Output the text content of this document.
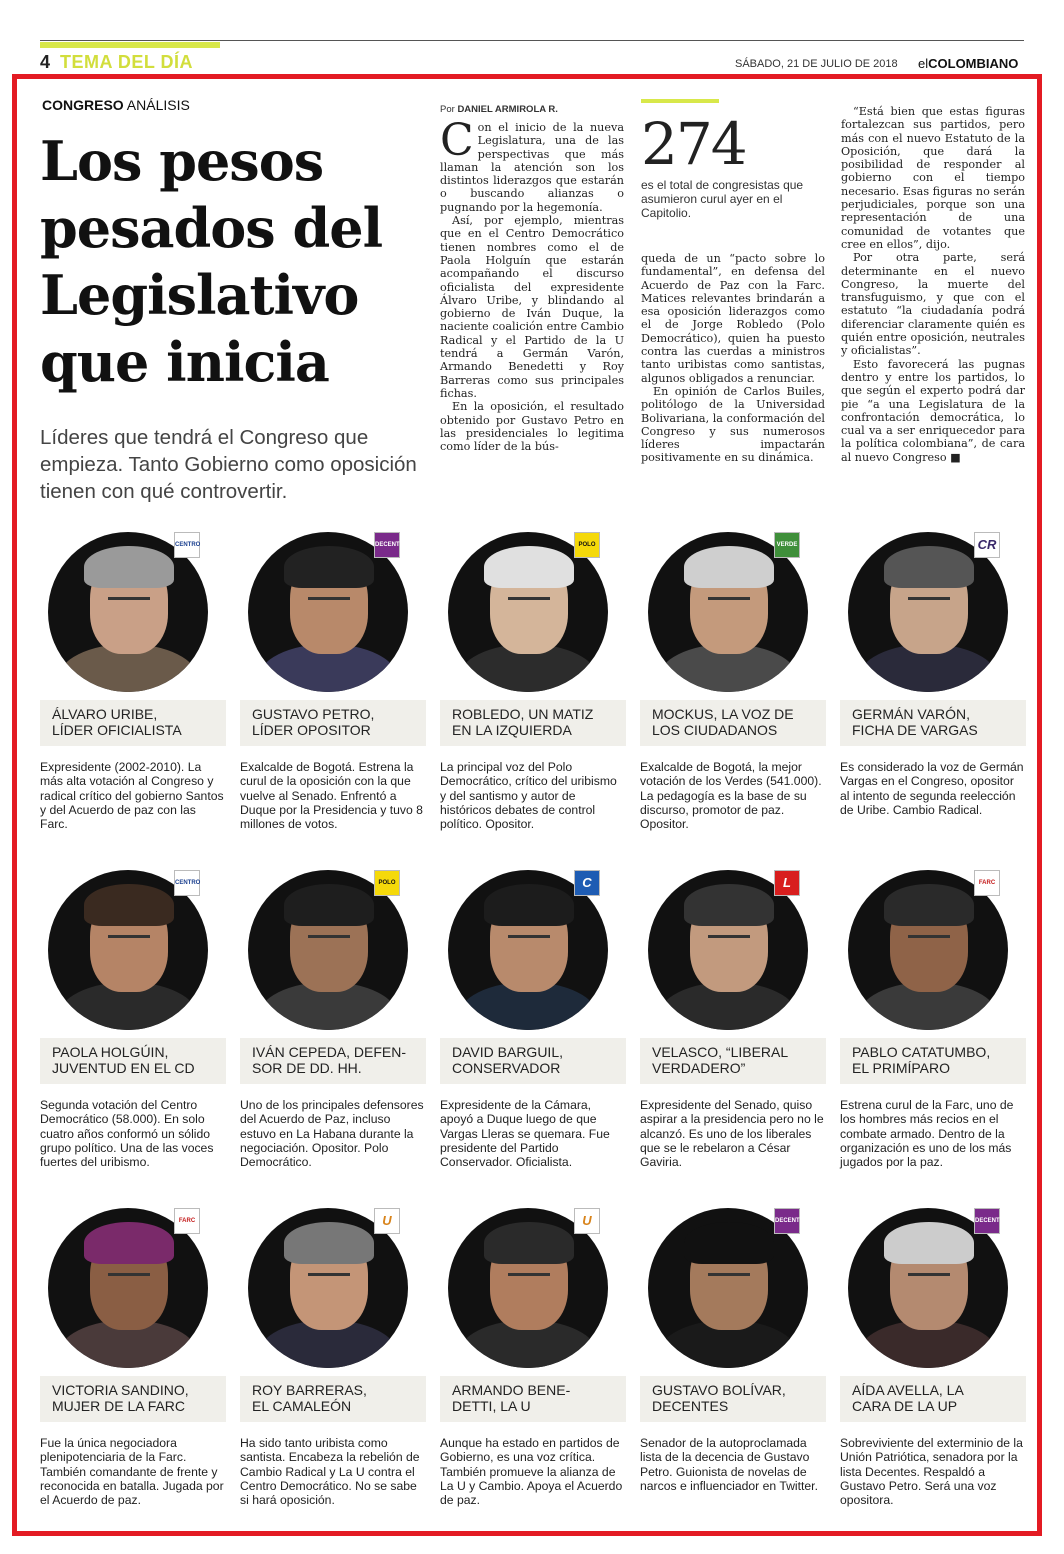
4 TEMA DEL DÍA	SÁBADO, 21 DE JULIO DE 2018 elCOLOMBIANO
CONGRESO ANÁLISIS
Los pesos pesados del Legislativo que inicia
Líderes que tendrá el Congreso que empieza. Tanto Gobierno como oposición tienen con qué controvertir.
Por DANIEL ARMIROLA R.

Con el inicio de la nueva Legislatura, una de las perspectivas que más llaman la atención son los distintos liderazgos que estarán o buscando alianzas o pugnando por la hegemonía.

Así, por ejemplo, mientras que en el Centro Democrático tienen nombres como el de Paola Holguín que estarán acompañando el discurso oficialista del expresidente Álvaro Uribe, y blindando al gobierno de Iván Duque, la naciente coalición entre Cambio Radical y el Partido de la U tendrá a Germán Varón, Armando Benedetti y Roy Barreras como sus principales fichas.

En la oposición, el resultado obtenido por Gustavo Petro en las presidenciales lo legitima como líder de la bús-

274
es el total de congresistas que asumieron curul ayer en el Capitolio.

queda de un “pacto sobre lo fundamental”, en defensa del Acuerdo de Paz con la Farc. Matices relevantes brindarán a esa oposición liderazgos como el de Jorge Robledo (Polo Democrático), quien ha puesto contra las cuerdas a ministros tanto uribistas como santistas, algunos obligados a renunciar.

En opinión de Carlos Builes, politólogo de la Universidad Bolivariana, la conformación del Congreso y sus numerosos líderes impactarán positivamente en su dinámica.

“Está bien que estas figuras fortalezcan sus partidos, pero más con el nuevo Estatuto de la Oposición, que dará la posibilidad de responder al gobierno con el tiempo necesario. Esas figuras no serán perjudiciales, porque son una representación de una comunidad de votantes que cree en ellos”, dijo.

Por otra parte, será determinante en el nuevo Congreso, la muerte del transfuguismo, y que con el estatuto “la ciudadanía podrá diferenciar claramente quién es quién entre oposición, neutrales y oficialistas”.

Esto favorecerá las pugnas dentro y entre los partidos, lo que según el experto podrá dar pie “a una Legislatura de la confrontación democrática, lo cual va a ser enriquecedor para la política colombiana”, de cara al nuevo Congreso ■

CENTRO
ÁLVARO URIBE,
LÍDER OFICIALISTA
Expresidente (2002-2010). La más alta votación al Congreso y radical crítico del gobierno Santos y del Acuerdo de paz con las Farc.
DECENTES
GUSTAVO PETRO,
LÍDER OPOSITOR
Exalcalde de Bogotá. Estrena la curul de la oposición con la que vuelve al Senado. Enfrentó a Duque por la Presidencia y tuvo 8 millones de votos.
POLO
ROBLEDO, UN MATIZ
EN LA IZQUIERDA
La principal voz del Polo Democrático, crítico del uribismo y del santismo y autor de históricos debates de control político. Opositor.
VERDE
MOCKUS, LA VOZ DE
LOS CIUDADANOS
Exalcalde de Bogotá, la mejor votación de los Verdes (541.000). La pedagogía es la base de su discurso, promotor de paz. Opositor.
CR
GERMÁN VARÓN,
FICHA DE VARGAS
Es considerado la voz de Germán Vargas en el Congreso, opositor al intento de segunda reelección de Uribe. Cambio Radical.
CENTRO
PAOLA HOLGÚIN,
JUVENTUD EN EL CD
Segunda votación del Centro Democrático (58.000). En solo cuatro años conformó un sólido grupo político. Una de las voces fuertes del uribismo.
POLO
IVÁN CEPEDA, DEFEN-
SOR DE DD. HH.
Uno de los principales defensores del Acuerdo de Paz, incluso estuvo en La Habana durante la negociación. Opositor. Polo Democrático.
C
DAVID BARGUIL,
CONSERVADOR
Expresidente de la Cámara, apoyó a Duque luego de que Vargas Lleras se quemara. Fue presidente del Partido Conservador. Oficialista.
L
VELASCO, “LIBERAL
VERDADERO”
Expresidente del Senado, quiso aspirar a la presidencia pero no le alcanzó. Es uno de los liberales que se le rebelaron a César Gaviria.
FARC
PABLO CATATUMBO,
EL PRIMÍPARO
Estrena curul de la Farc, uno de los hombres más recios en el combate armado. Dentro de la organización es uno de los más jugados por la paz.
FARC
VICTORIA SANDINO,
MUJER DE LA FARC
Fue la única negociadora plenipotenciaria de la Farc. También comandante de frente y reconocida en batalla. Jugada por el Acuerdo de paz.
U
ROY BARRERAS,
EL CAMALEÓN
Ha sido tanto uribista como santista. Encabeza la rebelión de Cambio Radical y La U contra el Centro Democrático. No se sabe si hará oposición.
U
ARMANDO BENE-
DETTI, LA U
Aunque ha estado en partidos de Gobierno, es una voz crítica. También promueve la alianza de La U y Cambio. Apoya el Acuerdo de paz.
DECENTES
GUSTAVO BOLÍVAR,
DECENTES
Senador de la autoproclamada lista de la decencia de Gustavo Petro. Guionista de novelas de narcos e influenciador en Twitter.
DECENTES
AÍDA AVELLA, LA
CARA DE LA UP
Sobreviviente del exterminio de la Unión Patriótica, senadora por la lista Decentes. Respaldó a Gustavo Petro. Será una voz opositora.
